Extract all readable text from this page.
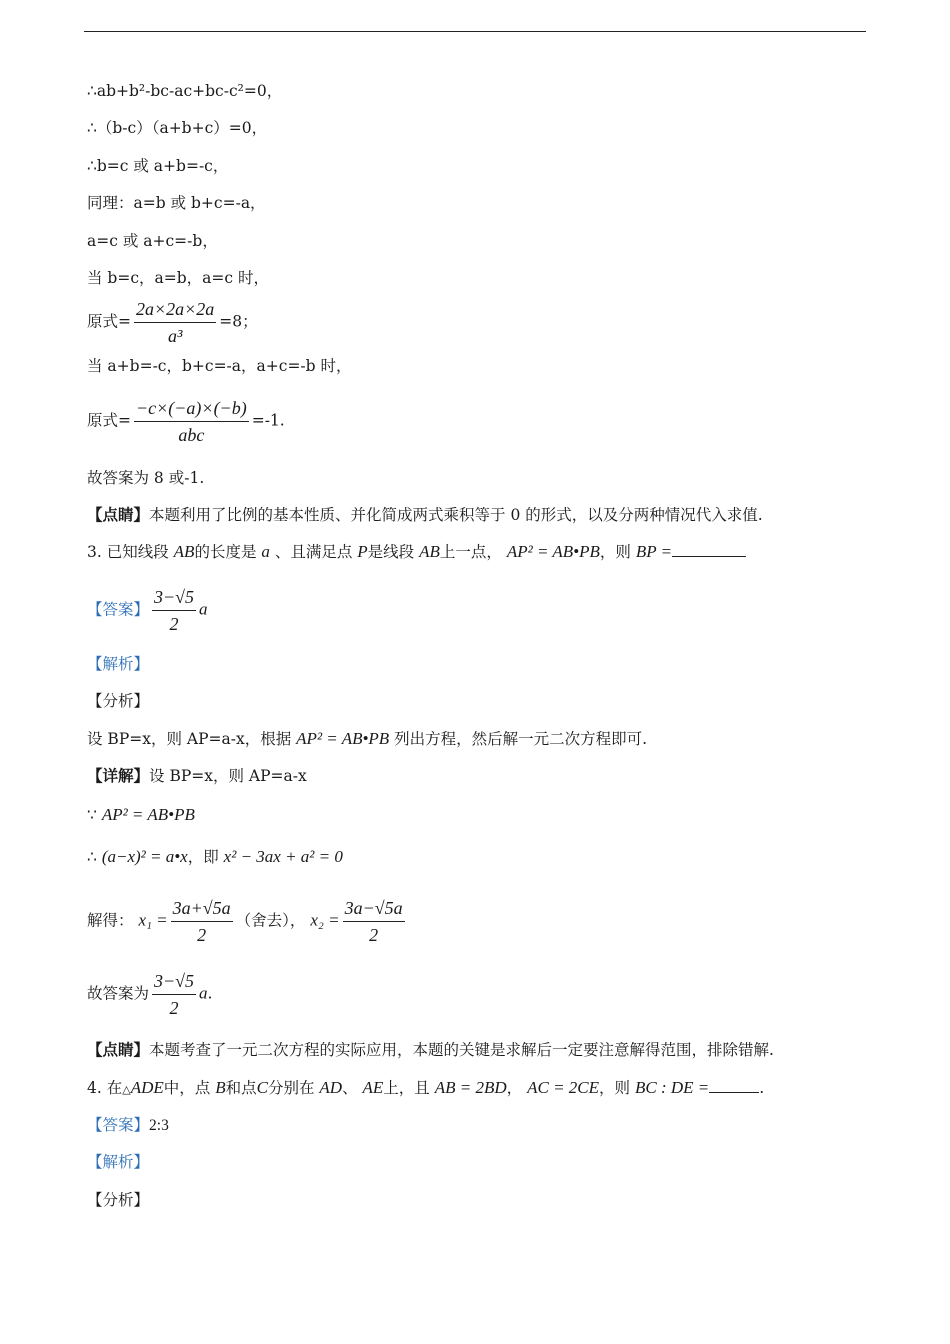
∴ab+b²-bc-ac+bc-c²=0，
∴（b-c）（a+b+c）=0，
∴b=c 或 a+b=-c，
同理：a=b 或 b+c=-a，
a=c 或 a+c=-b，
当 b=c，a=b，a=c 时，
原式= $\frac{2a\times 2a\times 2a}{\text{a³}} =8$；
当 a+b=-c，b+c=-a，a+c=-b 时，
原式= $\frac{-c\times(-a)\times(-b)}{\text{abc}} =-1$.
故答案为 8 或-1.
【点睛】本题利用了比例的基本性质、并化简成两式乘积等于 0 的形式，以及分两种情况代入求值.
3. 已知线段 AB的长度是 a 、且满足点 P是线段 AB上一点， AP² = AB•PB，则 BP =
【答案】 $\frac{3-√5}{2}$ a
【解析】
【分析】
设 BP=x，则 AP=a-x，根据 AP² = AB•PB 列出方程，然后解一元二次方程即可.
【详解】设 BP=x，则 AP=a-x
∵ AP² = AB•PB
∴ (a−x)² = a•x，即 x² − 3ax + a² = 0
解得： $x_1 = \frac{3a+√5a}{2}$ （舍去）， $x_2 = \frac{3a-√5a}{2}$
故答案为 $\frac{3-√5}{2} a$.
【点睛】本题考查了一元二次方程的实际应用，本题的关键是求解后一定要注意解得范围，排除错解.
4. 在△ADE中，点 B和点C分别在 AD、 AE上，且 AB = 2BD， AC = 2CE，则 BC : DE =	.
【答案】2:3
【解析】
【分析】
